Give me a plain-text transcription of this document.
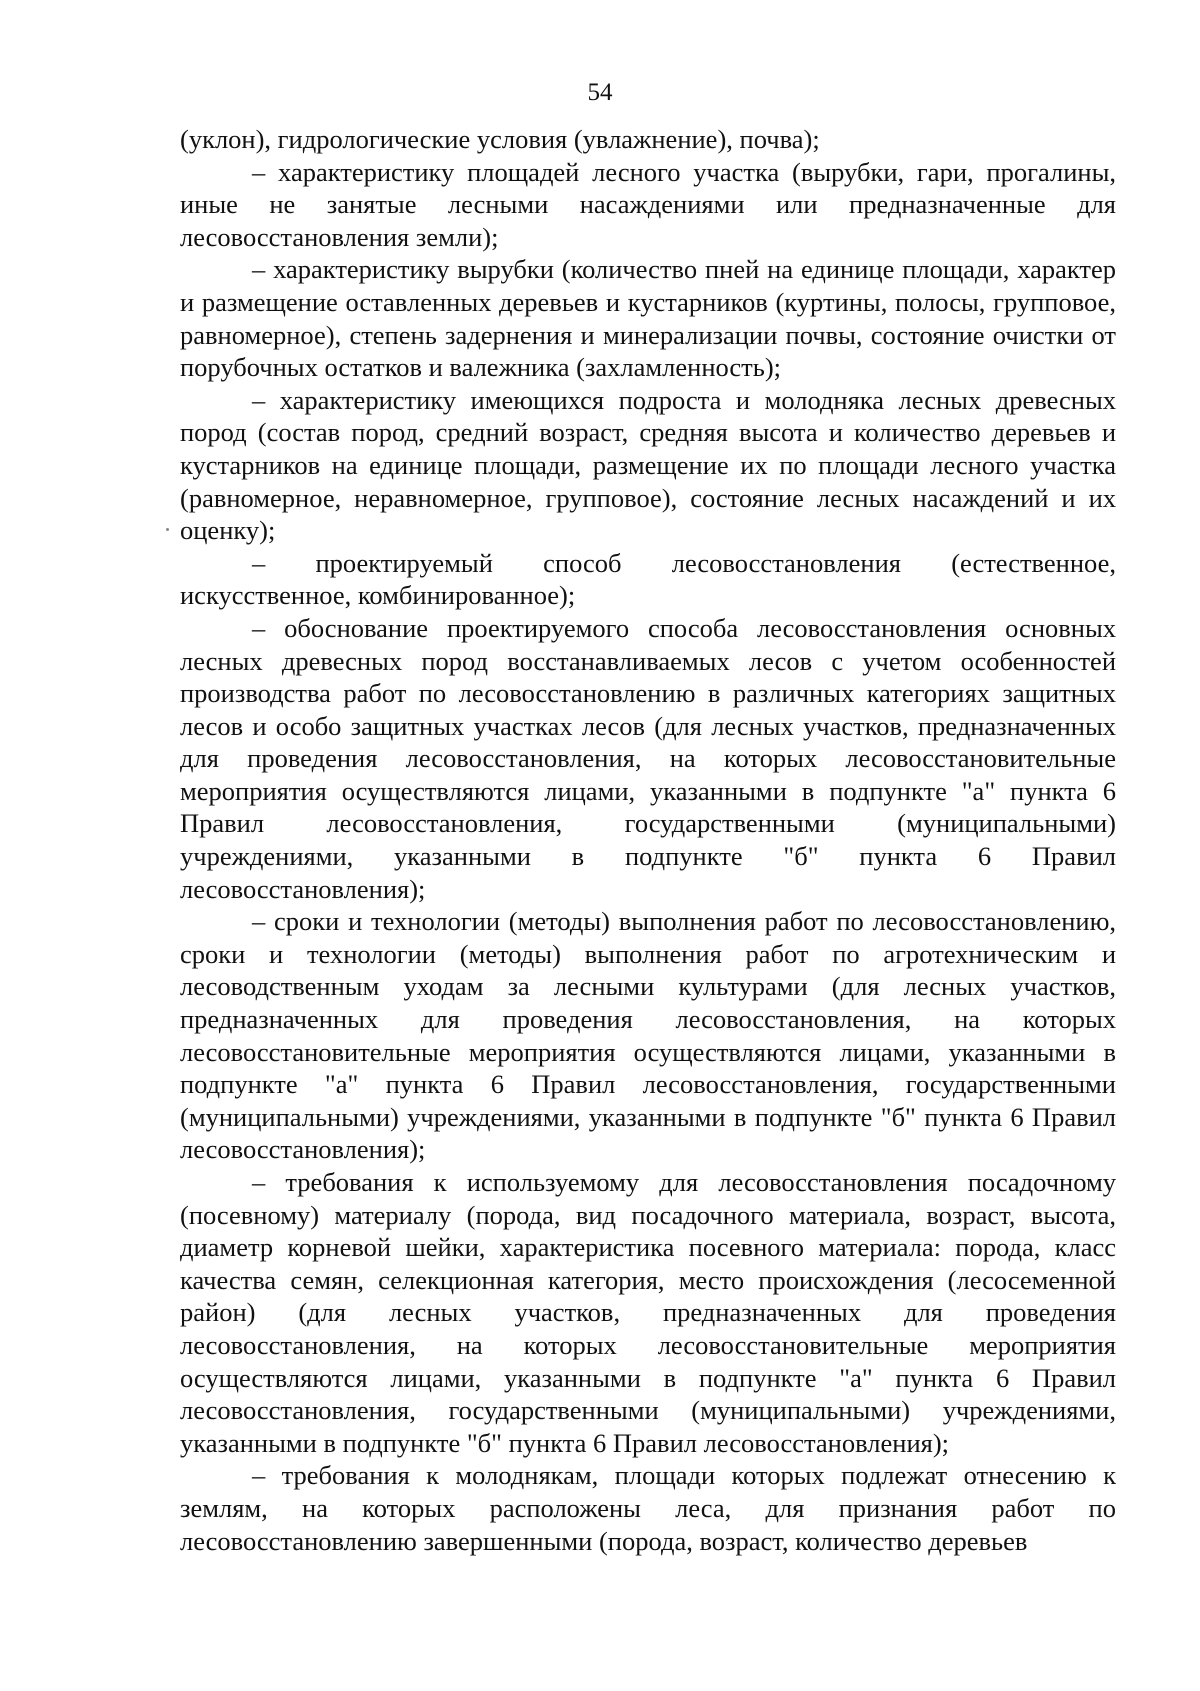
54

(уклон), гидрологические условия (увлажнение), почва);

– характеристику площадей лесного участка (вырубки, гари, прогалины, иные не занятые лесными насаждениями или предназначенные для лесовосстановления земли);

– характеристику вырубки (количество пней на единице площади, характер и размещение оставленных деревьев и кустарников (куртины, полосы, групповое, равномерное), степень задернения и минерализации почвы, состояние очистки от порубочных остатков и валежника (захламленность);

– характеристику имеющихся подроста и молодняка лесных древесных пород (состав пород, средний возраст, средняя высота и количество деревьев и кустарников на единице площади, размещение их по площади лесного участка (равномерное, неравномерное, групповое), состояние лесных насаждений и их оценку);

– проектируемый способ лесовосстановления (естественное, искусственное, комбинированное);

– обоснование проектируемого способа лесовосстановления основных лесных древесных пород восстанавливаемых лесов с учетом особенностей производства работ по лесовосстановлению в различных категориях защитных лесов и особо защитных участках лесов (для лесных участков, предназначенных для проведения лесовосстановления, на которых лесовосстановительные мероприятия осуществляются лицами, указанными в подпункте "а" пункта 6 Правил лесовосстановления, государственными (муниципальными) учреждениями, указанными в подпункте "б" пункта 6 Правил лесовосстановления);

– сроки и технологии (методы) выполнения работ по лесовосстановлению, сроки и технологии (методы) выполнения работ по агротехническим и лесоводственным уходам за лесными культурами (для лесных участков, предназначенных для проведения лесовосстановления, на которых лесовосстановительные мероприятия осуществляются лицами, указанными в подпункте "а" пункта 6 Правил лесовосстановления, государственными (муниципальными) учреждениями, указанными в подпункте "б" пункта 6 Правил лесовосстановления);

– требования к используемому для лесовосстановления посадочному (посевному) материалу (порода, вид посадочного материала, возраст, высота, диаметр корневой шейки, характеристика посевного материала: порода, класс качества семян, селекционная категория, место происхождения (лесосеменной район) (для лесных участков, предназначенных для проведения лесовосстановления, на которых лесовосстановительные мероприятия осуществляются лицами, указанными в подпункте "а" пункта 6 Правил лесовосстановления, государственными (муниципальными) учреждениями, указанными в подпункте "б" пункта 6 Правил лесовосстановления);

– требования к молоднякам, площади которых подлежат отнесению к землям, на которых расположены леса, для признания работ по лесовосстановлению завершенными (порода, возраст, количество деревьев
